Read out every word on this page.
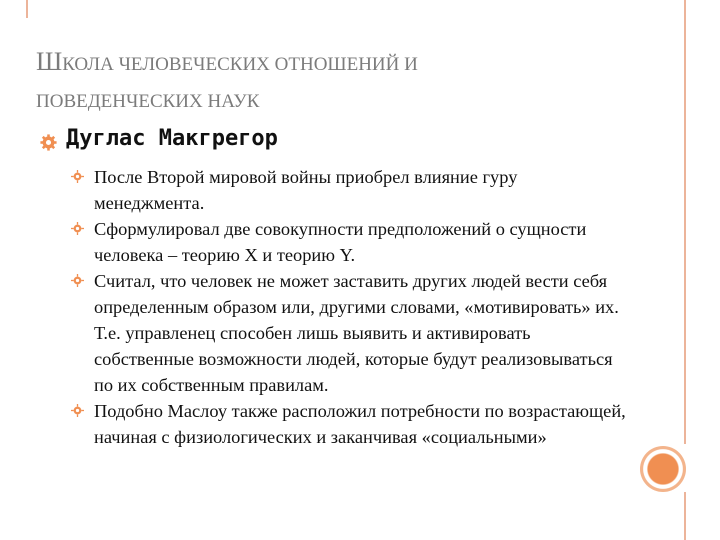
ШКОЛА ЧЕЛОВЕЧЕСКИХ ОТНОШЕНИЙ И
ПОВЕДЕНЧЕСКИХ НАУК
Дуглас Макгрегор
После Второй мировой войны приобрел влияние гуру менеджмента.
Сформулировал две совокупности предположений о сущности человека – теорию X и теорию Y.
Считал, что человек не может заставить других людей вести себя определенным образом или, другими словами, «мотивировать» их. Т.е. управленец способен лишь выявить и активировать собственные возможности людей, которые будут реализовываться по их собственным правилам.
Подобно Маслоу также расположил потребности по возрастающей, начиная с физиологических и заканчивая «социальными»
